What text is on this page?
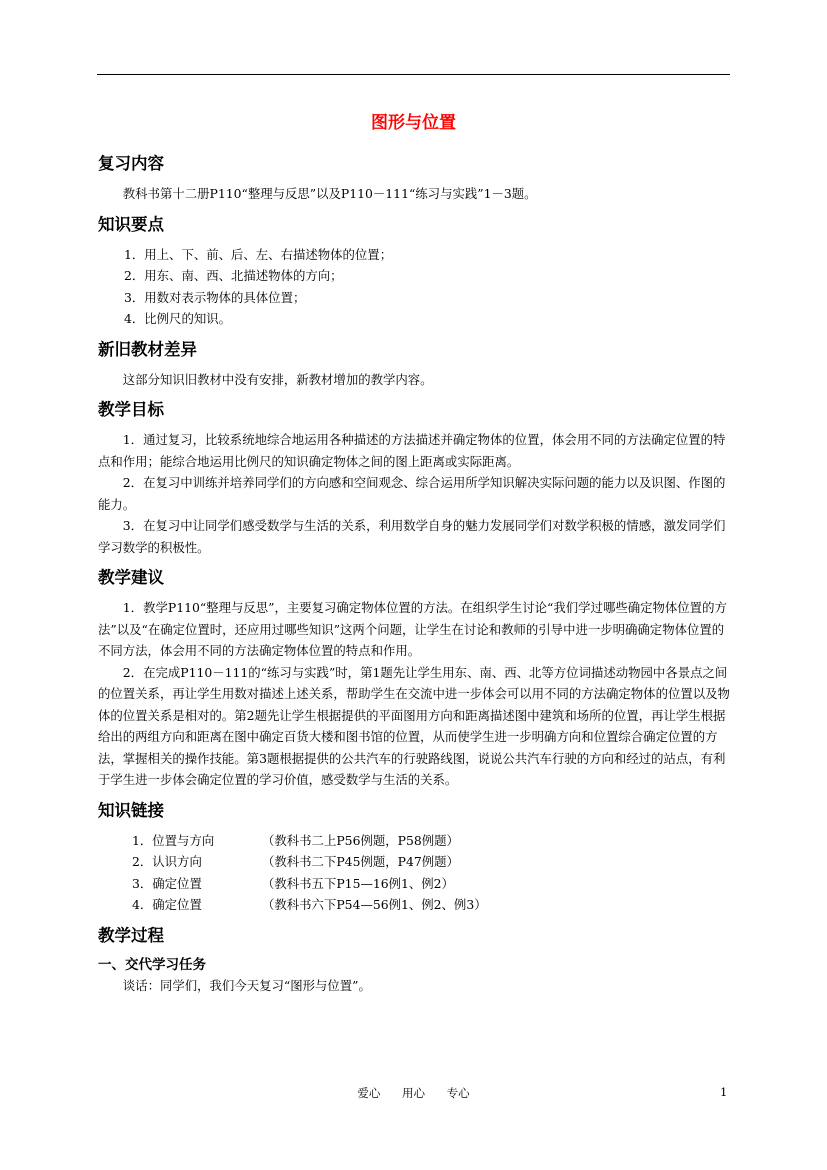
图形与位置
复习内容

教科书第十二册P110“整理与反思”以及P110－111“练习与实践”1－3题。

知识要点
1．用上、下、前、后、左、右描述物体的位置；
2．用东、南、西、北描述物体的方向；
3．用数对表示物体的具体位置；
4．比例尺的知识。
新旧教材差异

这部分知识旧教材中没有安排，新教材增加的教学内容。

教学目标

1．通过复习，比较系统地综合地运用各种描述的方法描述并确定物体的位置，体会用不同的方法确定位置的特点和作用；能综合地运用比例尺的知识确定物体之间的图上距离或实际距离。

2．在复习中训练并培养同学们的方向感和空间观念、综合运用所学知识解决实际问题的能力以及识图、作图的能力。

3．在复习中让同学们感受数学与生活的关系，利用数学自身的魅力发展同学们对数学积极的情感，激发同学们学习数学的积极性。

教学建议

1．教学P110“整理与反思”，主要复习确定物体位置的方法。在组织学生讨论“我们学过哪些确定物体位置的方法”以及“在确定位置时，还应用过哪些知识”这两个问题，让学生在讨论和教师的引导中进一步明确确定物体位置的不同方法，体会用不同的方法确定物体位置的特点和作用。

2．在完成P110－111的“练习与实践”时，第1题先让学生用东、南、西、北等方位词描述动物园中各景点之间的位置关系，再让学生用数对描述上述关系，帮助学生在交流中进一步体会可以用不同的方法确定物体的位置以及物体的位置关系是相对的。第2题先让学生根据提供的平面图用方向和距离描述图中建筑和场所的位置，再让学生根据给出的两组方向和距离在图中确定百货大楼和图书馆的位置，从而使学生进一步明确方向和位置综合确定位置的方法，掌握相关的操作技能。第3题根据提供的公共汽车的行驶路线图，说说公共汽车行驶的方向和经过的站点，有利于学生进一步体会确定位置的学习价值，感受数学与生活的关系。

知识链接
1．位置与方向	（教科书二上P56例题，P58例题）
2．认识方向	（教科书二下P45例题，P47例题）
3．确定位置	（教科书五下P15—16例1、例2）
4．确定位置	（教科书六下P54—56例1、例2、例3）
教学过程
一、交代学习任务

谈话：同学们，我们今天复习“图形与位置”。

爱心 用心 专心	1
